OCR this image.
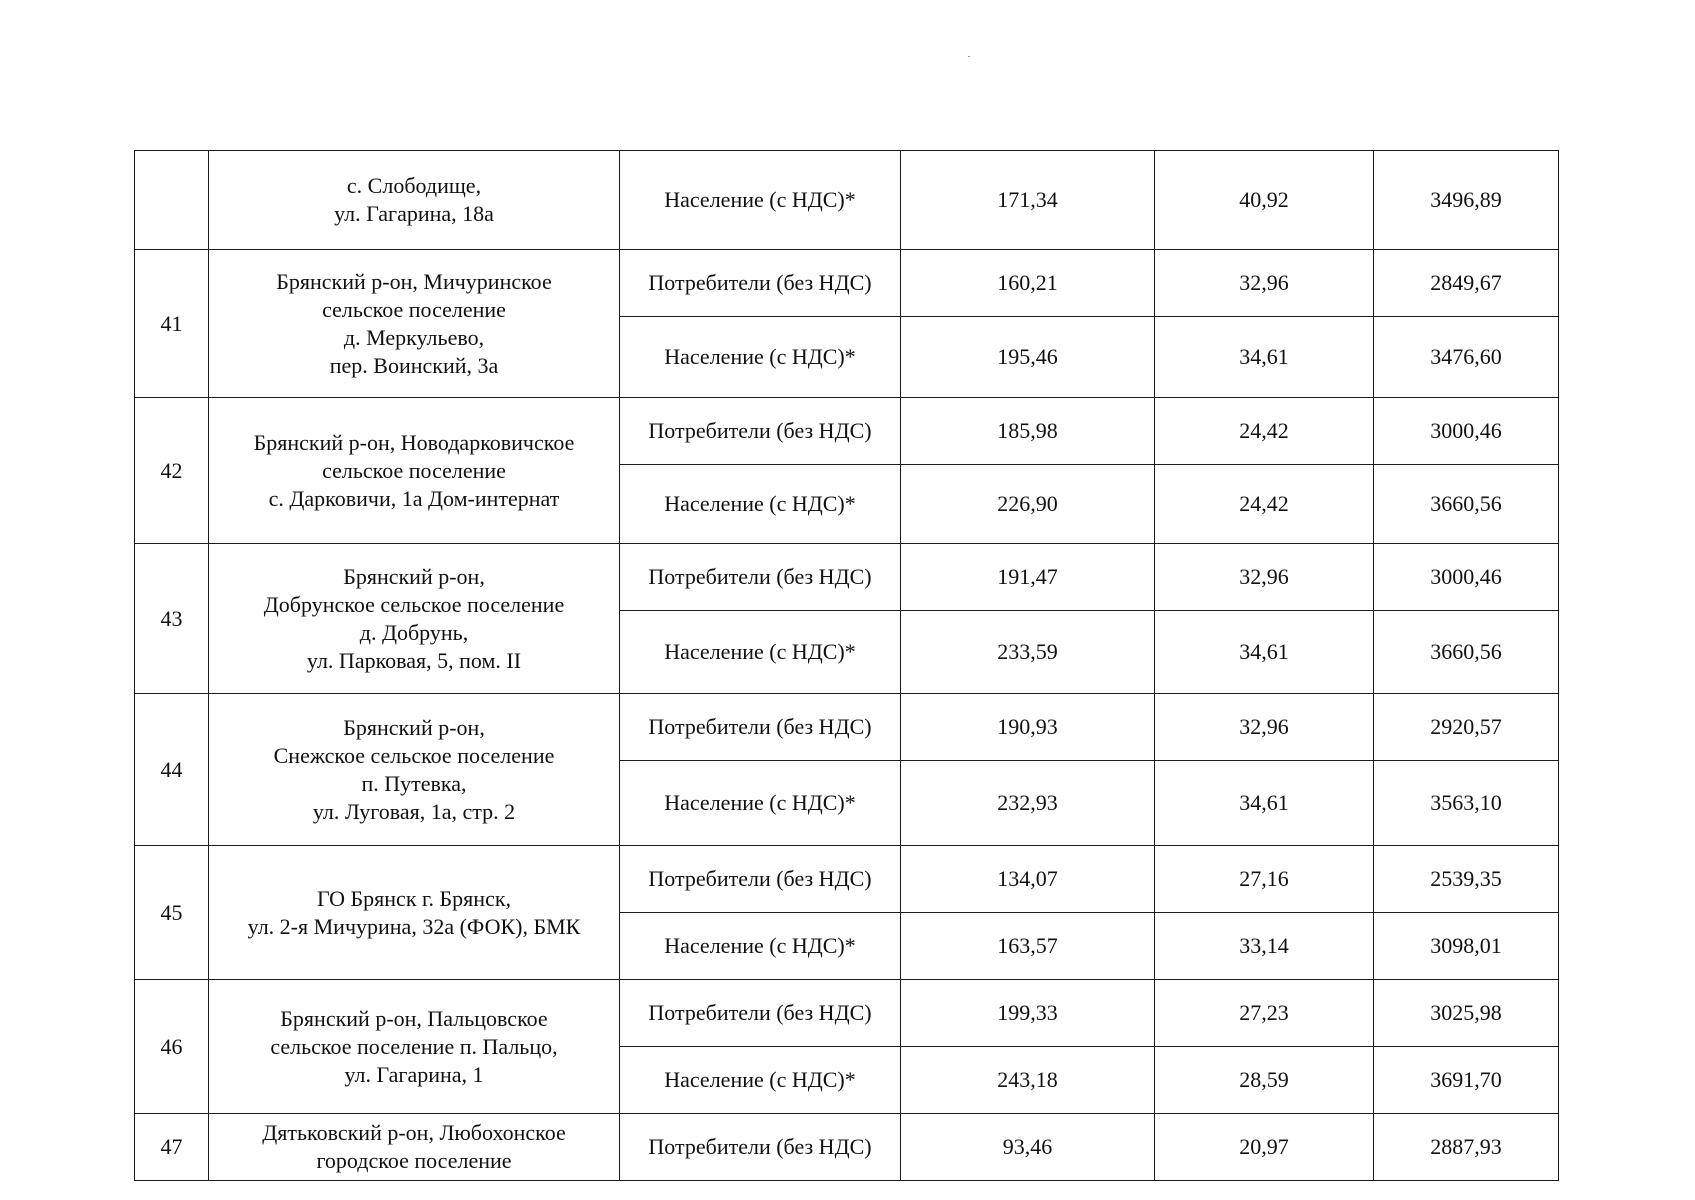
	с. Слободище,
ул. Гагарина, 18а	Население (с НДС)*	171,34	40,92	3496,89
41	Брянский р-он, Мичуринское
сельское поселение
д. Меркульево,
пер. Воинский, 3а	Потребители (без НДС)	160,21	32,96	2849,67
		Население (с НДС)*	195,46	34,61	3476,60
42	Брянский р-он, Новодарковичское
сельское поселение
с. Дарковичи, 1а Дом-интернат	Потребители (без НДС)	185,98	24,42	3000,46
		Население (с НДС)*	226,90	24,42	3660,56
43	Брянский р-он,
Добрунское сельское поселение
д. Добрунь,
ул. Парковая, 5, пом. II	Потребители (без НДС)	191,47	32,96	3000,46
		Население (с НДС)*	233,59	34,61	3660,56
44	Брянский р-он,
Снежское сельское поселение
п. Путевка,
ул. Луговая, 1а, стр. 2	Потребители (без НДС)	190,93	32,96	2920,57
		Население (с НДС)*	232,93	34,61	3563,10
45	ГО Брянск г. Брянск,
ул. 2-я Мичурина, 32а (ФОК), БМК	Потребители (без НДС)	134,07	27,16	2539,35
		Население (с НДС)*	163,57	33,14	3098,01
46	Брянский р-он, Пальцовское
сельское поселение п. Пальцо,
ул. Гагарина, 1	Потребители (без НДС)	199,33	27,23	3025,98
		Население (с НДС)*	243,18	28,59	3691,70
47	Дятьковский р-он, Любохонское
городское поселение	Потребители (без НДС)	93,46	20,97	2887,93
